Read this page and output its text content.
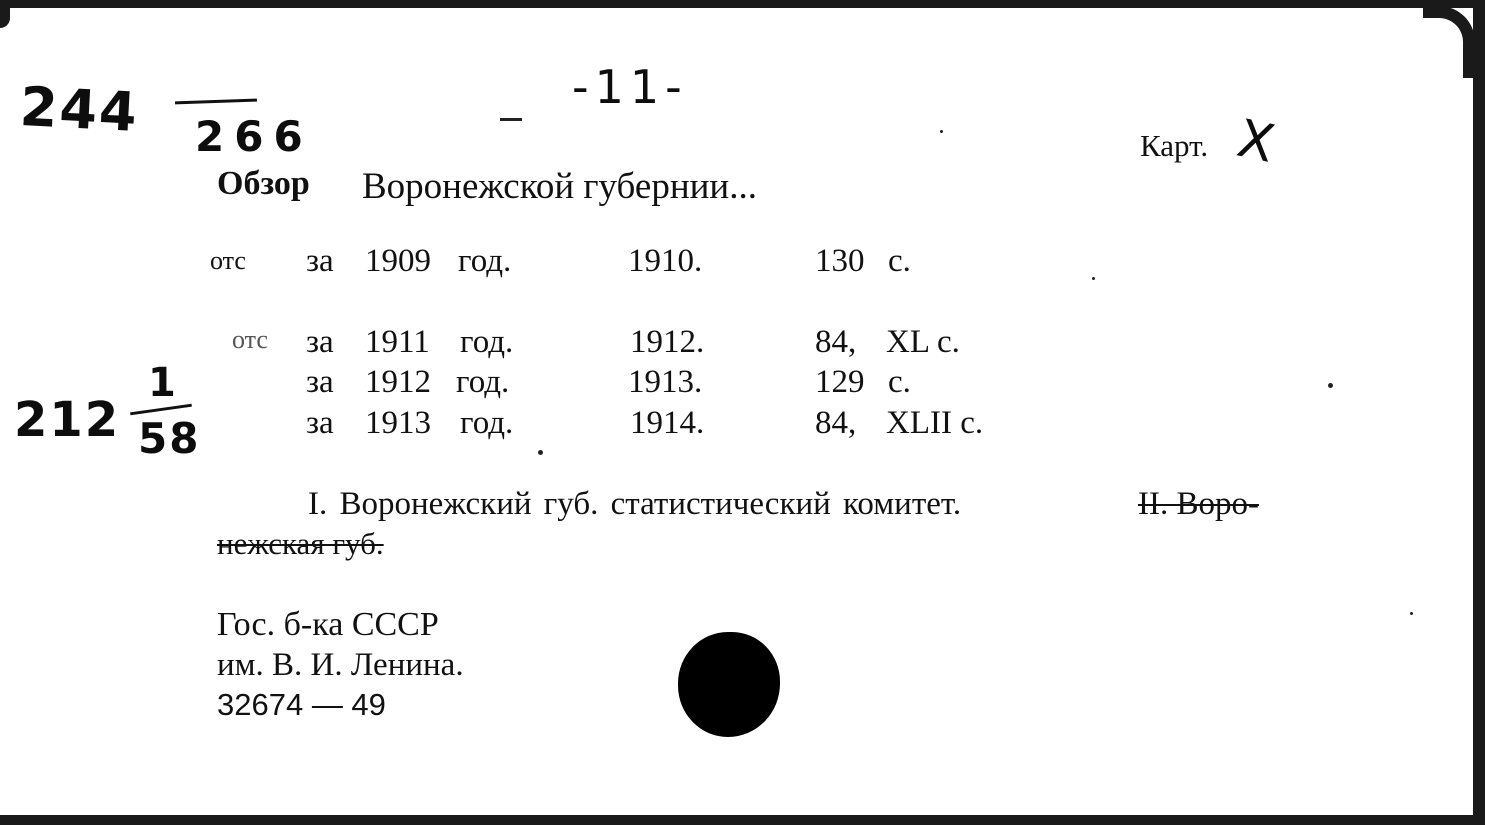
244 266
-11-
212
1
58
Карт. X
Обзор Воронежской губернии...
отс за 1909 год.	1910.	130 с.
отс за 1911 год.	1912.	84, XL с.
за 1912 год.	1913.	129 с.
за 1913 год.	1914.	84, XLII с.
I. Воронежский губ. статистический комитет.	II. Воро-
нежская губ.
Гос. б-ка СССР
им. В. И. Ленина.
32674 — 49
